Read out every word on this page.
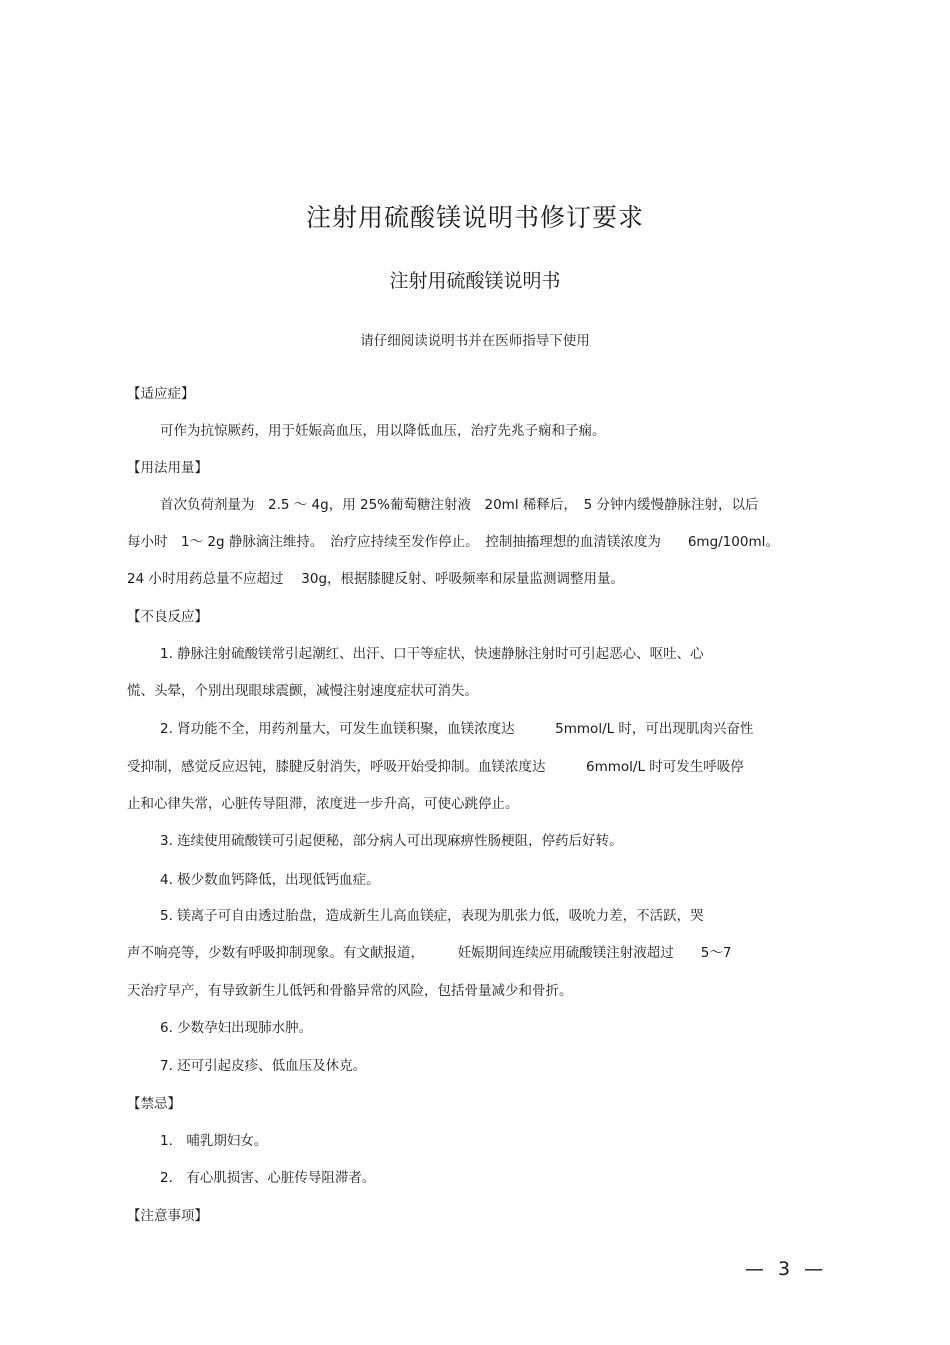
注射用硫酸镁说明书修订要求
注射用硫酸镁说明书
请仔细阅读说明书并在医师指导下使用
【适应症】
可作为抗惊厥药，用于妊娠高血压，用以降低血压，治疗先兆子痫和子痫。
【用法用量】
首次负荷剂量为　2.5 ～ 4g，用 25%葡萄糖注射液　20ml 稀释后，　5 分钟内缓慢静脉注射，以后
每小时　1～ 2g 静脉滴注维持。　治疗应持续至发作停止。　控制抽搐理想的血清镁浓度为　　6mg/100ml。
24 小时用药总量不应超过　 30g，根据膝腱反射、呼吸频率和尿量监测调整用量。
【不良反应】
1. 静脉注射硫酸镁常引起潮红、出汗、口干等症状，快速静脉注射时可引起恶心、呕吐、心
慌、头晕，个别出现眼球震颤，减慢注射速度症状可消失。
2. 肾功能不全，用药剂量大，可发生血镁积聚，血镁浓度达　　　5mmol/L 时，可出现肌肉兴奋性
受抑制，感觉反应迟钝，膝腱反射消失，呼吸开始受抑制。血镁浓度达　　　6mmol/L 时可发生呼吸停
止和心律失常，心脏传导阻滞，浓度进一步升高，可使心跳停止。
3. 连续使用硫酸镁可引起便秘，部分病人可出现麻痹性肠梗阻，停药后好转。
4. 极少数血钙降低，出现低钙血症。
5. 镁离子可自由透过胎盘，造成新生儿高血镁症，表现为肌张力低，吸吮力差，不活跃，哭
声不响亮等，少数有呼吸抑制现象。有文献报道，　　　妊娠期间连续应用硫酸镁注射液超过　　5～7
天治疗早产，有导致新生儿低钙和骨骼异常的风险，包括骨量减少和骨折。
6. 少数孕妇出现肺水肿。
7. 还可引起皮疹、低血压及休克。
【禁忌】
1.　哺乳期妇女。
2.　有心肌损害、心脏传导阻滞者。
【注意事项】
— 3 —
